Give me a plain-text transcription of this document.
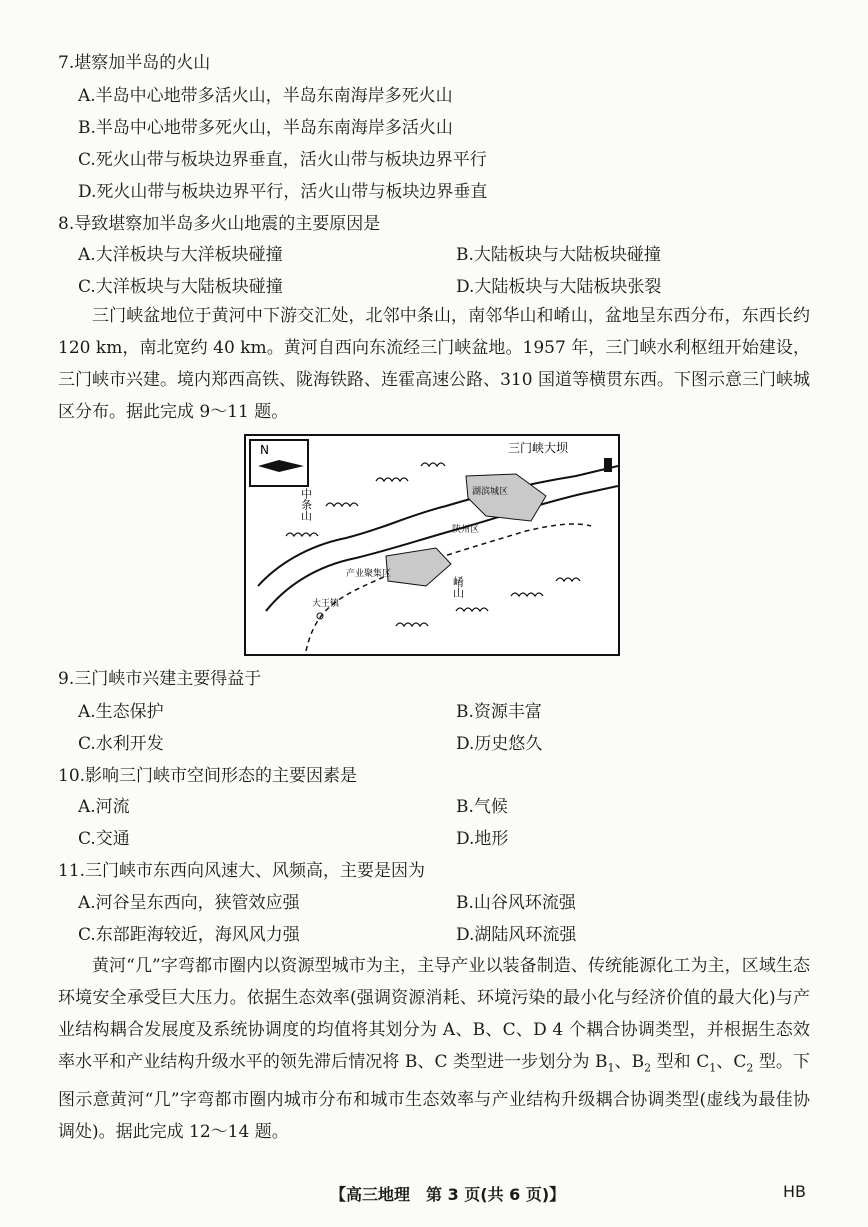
7.堪察加半岛的火山
A.半岛中心地带多活火山，半岛东南海岸多死火山
B.半岛中心地带多死火山，半岛东南海岸多活火山
C.死火山带与板块边界垂直，活火山带与板块边界平行
D.死火山带与板块边界平行，活火山带与板块边界垂直
8.导致堪察加半岛多火山地震的主要原因是
A.大洋板块与大洋板块碰撞	B.大陆板块与大陆板块碰撞
C.大洋板块与大陆板块碰撞	D.大陆板块与大陆板块张裂
三门峡盆地位于黄河中下游交汇处，北邻中条山，南邻华山和崤山，盆地呈东西分布，东西长约 120 km，南北宽约 40 km。黄河自西向东流经三门峡盆地。1957 年，三门峡水利枢纽开始建设，三门峡市兴建。境内郑西高铁、陇海铁路、连霍高速公路、310 国道等横贯东西。下图示意三门峡城区分布。据此完成 9～11 题。
N	三门峡大坝
湖滨城区
陕州区
产业聚集区
大王镇
中条山
崤山
9.三门峡市兴建主要得益于
A.生态保护	B.资源丰富
C.水利开发	D.历史悠久
10.影响三门峡市空间形态的主要因素是
A.河流	B.气候
C.交通	D.地形
11.三门峡市东西向风速大、风频高，主要是因为
A.河谷呈东西向，狭管效应强	B.山谷风环流强
C.东部距海较近，海风风力强	D.湖陆风环流强
黄河“几”字弯都市圈内以资源型城市为主，主导产业以装备制造、传统能源化工为主，区域生态环境安全承受巨大压力。依据生态效率(强调资源消耗、环境污染的最小化与经济价值的最大化)与产业结构耦合发展度及系统协调度的均值将其划分为 A、B、C、D 4 个耦合协调类型，并根据生态效率水平和产业结构升级水平的领先滞后情况将 B、C 类型进一步划分为 $B_1$、$B_2$ 型和 $C_1$、$C_2$ 型。下图示意黄河“几”字弯都市圈内城市分布和城市生态效率与产业结构升级耦合协调类型(虚线为最佳协调处)。据此完成 12～14 题。
【高三地理　第 3 页(共 6 页)】	HB
